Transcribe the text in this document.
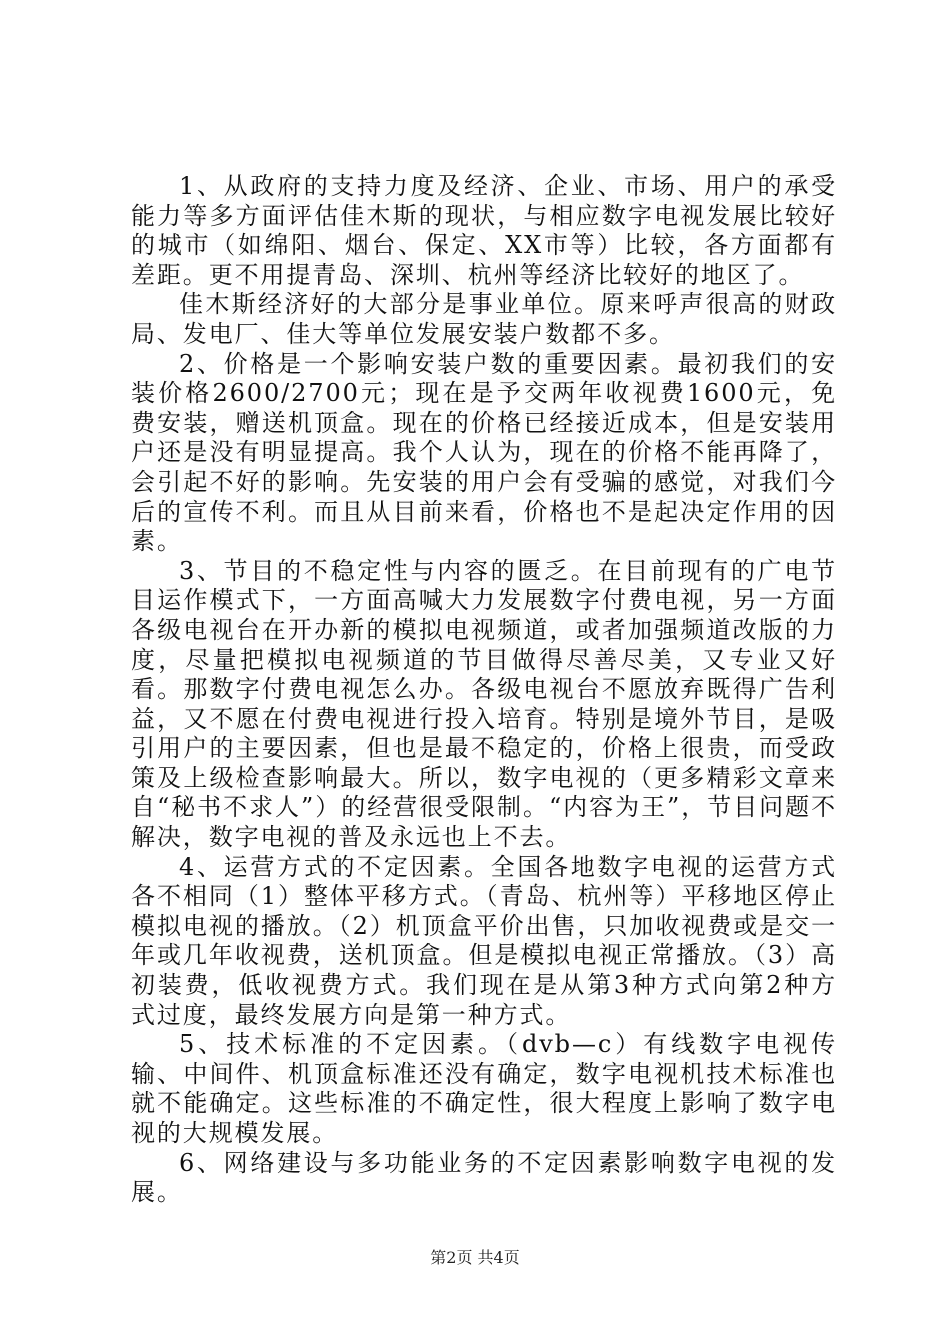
1、从政府的支持力度及经济、企业、市场、用户的承受能力等多方面评估佳木斯的现状，与相应数字电视发展比较好的城市（如绵阳、烟台、保定、XX市等）比较，各方面都有差距。更不用提青岛、深圳、杭州等经济比较好的地区了。

佳木斯经济好的大部分是事业单位。原来呼声很高的财政局、发电厂、佳大等单位发展安装户数都不多。

2、价格是一个影响安装户数的重要因素。最初我们的安装价格2600/2700元；现在是予交两年收视费1600元，免费安装，赠送机顶盒。现在的价格已经接近成本，但是安装用户还是没有明显提高。我个人认为，现在的价格不能再降了，会引起不好的影响。先安装的用户会有受骗的感觉，对我们今后的宣传不利。而且从目前来看，价格也不是起决定作用的因素。

3、节目的不稳定性与内容的匮乏。在目前现有的广电节目运作模式下，一方面高喊大力发展数字付费电视，另一方面各级电视台在开办新的模拟电视频道，或者加强频道改版的力度，尽量把模拟电视频道的节目做得尽善尽美，又专业又好看。那数字付费电视怎么办。各级电视台不愿放弃既得广告利益，又不愿在付费电视进行投入培育。特别是境外节目，是吸引用户的主要因素，但也是最不稳定的，价格上很贵，而受政策及上级检查影响最大。所以，数字电视的（更多精彩文章来自“秘书不求人”）的经营很受限制。“内容为王”，节目问题不解决，数字电视的普及永远也上不去。

4、运营方式的不定因素。全国各地数字电视的运营方式各不相同（1）整体平移方式。（青岛、杭州等）平移地区停止模拟电视的播放。（2）机顶盒平价出售，只加收视费或是交一年或几年收视费，送机顶盒。但是模拟电视正常播放。（3）高初装费，低收视费方式。我们现在是从第3种方式向第2种方式过度，最终发展方向是第一种方式。

5、技术标准的不定因素。（dvb—c）有线数字电视传输、中间件、机顶盒标准还没有确定，数字电视机技术标准也就不能确定。这些标准的不确定性，很大程度上影响了数字电视的大规模发展。

6、网络建设与多功能业务的不定因素影响数字电视的发展。

第2页 共4页
